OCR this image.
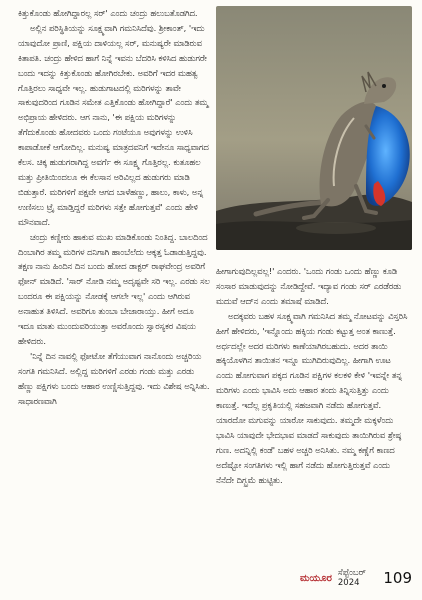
ಕಿತ್ತುಕೊಂಡು ಹೋಗಿದ್ದಾರಲ್ಲ ಸರ್' ಎಂದು ಚಂದ್ರು ಹಲುಬತೊಡಗಿದ.

ಅಲ್ಲಿನ ಪರಿಸ್ಥಿತಿಯನ್ನು ಸೂಕ್ಷ್ಮವಾಗಿ ಗಮನಿಸಿದೆವು. ಶ್ರೀಕಾಂತ್, 'ಇದು ಯಾವುದೋ ಪ್ರಾಣಿ, ಪಕ್ಷಿಯ ದಾಳಿಯಲ್ಲ ಸರ್, ಮನುಷ್ಯರೇ ಮಾಡಿರುವ ಕಿತಾಪತಿ. ಚಂದ್ರು ಹೇಳಿದ ಹಾಗೆ ನಿನ್ನೆ ಇವನು ಬೆದರಿಸಿ ಕಳಿಸಿದ ಹುಡುಗರೇ ಬಂದು ಇದನ್ನು ಕಿತ್ತುಕೊಂಡು ಹೋಗಿರಬೇಕು. ಅವರಿಗೆ ಇದರ ಮಹತ್ವ ಗೊತ್ತಿರಲು ಸಾಧ್ಯವೇ ಇಲ್ಲ. ಹುಡುಗಾಟದಲ್ಲಿ ಮರಿಗಳನ್ನು ತಾವೇ ಸಾಕುವುದರಿಂದ ಗೂಡಿನ ಸಮೇತ ಎತ್ತಿಕೊಂಡು ಹೋಗಿದ್ದಾರೆ' ಎಂದು ತಮ್ಮ ಅಭಿಪ್ರಾಯ ಹೇಳಿದರು. ಆಗ ನಾನು, 'ಈ ಪಕ್ಷಿಯ ಮರಿಗಳನ್ನು ತೆಗೆದುಕೊಂಡು ಹೋದವರು ಒಂದು ಗಂಟೆಯೂ ಅವುಗಳನ್ನು ಉಳಿಸಿ ಕಾಪಾಡೋಕೆ ಆಗೋದಿಲ್ಲ. ಮನುಷ್ಯ ಮಾತ್ರದವನಿಗೆ ಇದೇನೂ ಸಾಧ್ಯವಾಗದ ಕೆಲಸ. ಚಿಕ್ಕ ಹುಡುಗರಾಗಿದ್ದ ಅವರ್ಗೆ ಈ ಸೂಕ್ಷ್ಮ ಗೊತ್ತಿರಲ್ಲ. ಕುತೂಹಲ ಮತ್ತು ಪ್ರೀತಿಯಿಂದಲೂ ಈ ಕೆಲಸಾನ ಅರಿವಿಲ್ಲದ ಹುಡುಗರು ಮಾಡಿ ಬಿಡುತ್ತಾರೆ. ಮರಿಗಳಿಗೆ ಪಕ್ಷವೇ ಆಗದ ಬಾಳೆಹಣ್ಣು, ಹಾಲು, ಕಾಳು, ಅನ್ನ ಉಣಿಸಲು ಟ್ರೈ ಮಾಡ್ತಿದ್ದರೆ ಮರಿಗಳು ಸತ್ತೇ ಹೋಗುತ್ತವೆ' ಎಂದು ಹೇಳಿ ಮೌನವಾದೆ.

ಚಂದ್ರು ಕಣ್ಣೀರು ಹಾಕುವ ಮುಖ ಮಾಡಿಕೊಂಡು ನಿಂತಿದ್ದ. ಬಾಲದಿಂದ ದಿಂಬಾಗಿರ ತಮ್ಮ ಮರಿಗಳ ದನಿಗಾಗಿ ಹಾಂಬೆಲೆದು ಆಕ್ಕತ್ತ ಓಡಾಡುತ್ತಿದ್ದವು. ತಕ್ಷಣ ನಾನು ಹಿಂದಿನ ದಿನ ಬಂದು ಹೋದ ಡಾಕ್ಟರ್ ರಾಘವೇಂದ್ರ ಅವರಿಗೆ ಫೋನ್ ಮಾಡಿದೆ. 'ಸಾರ್ ನೋಡಿ ನಮ್ಮ ಅದೃಷ್ಟವೇ ಸರಿ ಇಲ್ಲ. ಎರಡು ಸಲ ಬಂದರೂ ಈ ಪಕ್ಷಿಯನ್ನು ನೋಡಕ್ಕೆ ಆಗಲೇ ಇಲ್ಲ' ಎಂದು ಆಗಿರುವ ಅನಾಹುತ ತಿಳಿಸಿದೆ. ಅವರಿಗೂ ತುಂಬಾ ಬೇಜಾರಾಯ್ತು. ಹೀಗೆ ಅದೂ ಇದೂ ಮಾತು ಮುಂದುವರಿಯುತ್ತಾ ಅವರೊಂದು ಸ್ವಾರಸ್ಯಕರ ವಿಷಯ ಹೇಳಿದರು.

'ನಿನ್ನೆ ದಿನ ನಾವಲ್ಲಿ ಫೋಟೋ ತೆಗೆಯುವಾಗ ನಾನೊಂದು ಅಚ್ಚರಿಯ ಸಂಗತಿ ಗಮನಿಸಿದೆ. ಅಲ್ಲಿದ್ದ ಮರಿಗಳಿಗೆ ಎರಡು ಗಂಡು ಮತ್ತು ಎರಡು ಹೆಣ್ಣು ಪಕ್ಷಿಗಳು ಬಂದು ಆಹಾರ ಉಣ್ಣಿಸುತ್ತಿದ್ದವು. ಇದು ವಿಶೇಷ ಅನ್ನಿಸಿತು. ಸಾಧಾರಣವಾಗಿ

ಹೀಗಾಗುವುದಿಲ್ಲವಲ್ಲ!' ಎಂದರು. 'ಒಂದು ಗಂಡು ಒಂದು ಹೆಣ್ಣು ಕೂಡಿ ಸಂಸಾರ ಮಾಡುವುದನ್ನು ನೋಡಿದ್ದೇವೆ. ಇದ್ಯಾವ ಗಂಡು ಸರ್ ಎರಡೆರಡು ಮದುವೆ ಆದ್‌ನ ಎಂದು ತಮಾಷೆ ಮಾಡಿದೆ.

ಅದಕ್ಕವರು ಬಹಳ ಸೂಕ್ಷ್ಮವಾಗಿ ಗಮನಿಸಿದ ತಮ್ಮ ನೋಟವನ್ನು ವಿಸ್ತರಿಸಿ ಹೀಗೆ ಹೇಳಿದರು, 'ಇನ್ನೊಂದು ಹಕ್ಕಿಯ ಗಂಡು ಕಟ್ಟುತ್ತ ಅಂತ ಕಾಣುತ್ತೆ. ಅರ್ಧದಲ್ಲೇ ಅದರ ಮರಿಗಳು ಕಾಣೆಯಾಗಿರಬಹುದು. ಅದರ ತಾಯಿ ಹಕ್ಕಿಯೊಳಗಿನ ತಾಯಿತನ ಇನ್ನೂ ಮುಗಿದಿರುವುದಿಲ್ಲ. ಹೀಗಾಗಿ ಊಟ ಎಂದು ಹೋಗುವಾಗ ಪಕ್ಕದ ಗೂಡಿನ ಪಕ್ಷಿಗಳ ಕಲಕಳಿ ಕೇಳಿ 'ಇವನ್ನೇ ತನ್ನ ಮರಿಗಳು ಎಂದು ಭಾವಿಸಿ ಅದು ಆಹಾರ ತಂದು ತಿನ್ನಿಸುತ್ತಿತ್ತು ಎಂದು ಕಾಣುತ್ತೆ. ಇದೆಲ್ಲ ಪ್ರಕೃತಿಯಲ್ಲಿ ಸಹಜವಾಗಿ ನಡೆದು ಹೋಗುತ್ತವೆ. ಯಾರದೋ ಮಗುವನ್ನು ಯಾರೋ ಸಾಕುವುದು. ತಮ್ಮದೇ ಮಕ್ಕಳೆಂದು ಭಾವಿಸಿ ಯಾವುದೇ ಭೇದಭಾವ ಮಾಡದೆ ಸಾಕುವುದು ತಾಯಿಗಿರುವ ಶ್ರೇಷ್ಠ ಗುಣ. ಅದನ್ನಿಲ್ಲಿ ಕಂಡೆ' ಬಹಳ ಅಚ್ಚರಿ ಅನಿಸಿತು. ನಮ್ಮ ಕಣ್ಣೆಗೆ ಕಾಣದ ಅದೆಷ್ಟೋ ಸಂಗತಿಗಳು ಇಲ್ಲಿ ಹಾಗೆ ನಡೆದು ಹೋಗುತ್ತಿರುತ್ತವೆ ಎಂದು ನೆನೆದೇ ದಿಗ್ಭ್ರಮೆ ಹುಟ್ಟಿತು.

ಮಯೂರ ಸೆಪ್ಟೆಂಬರ್ 2024	109
